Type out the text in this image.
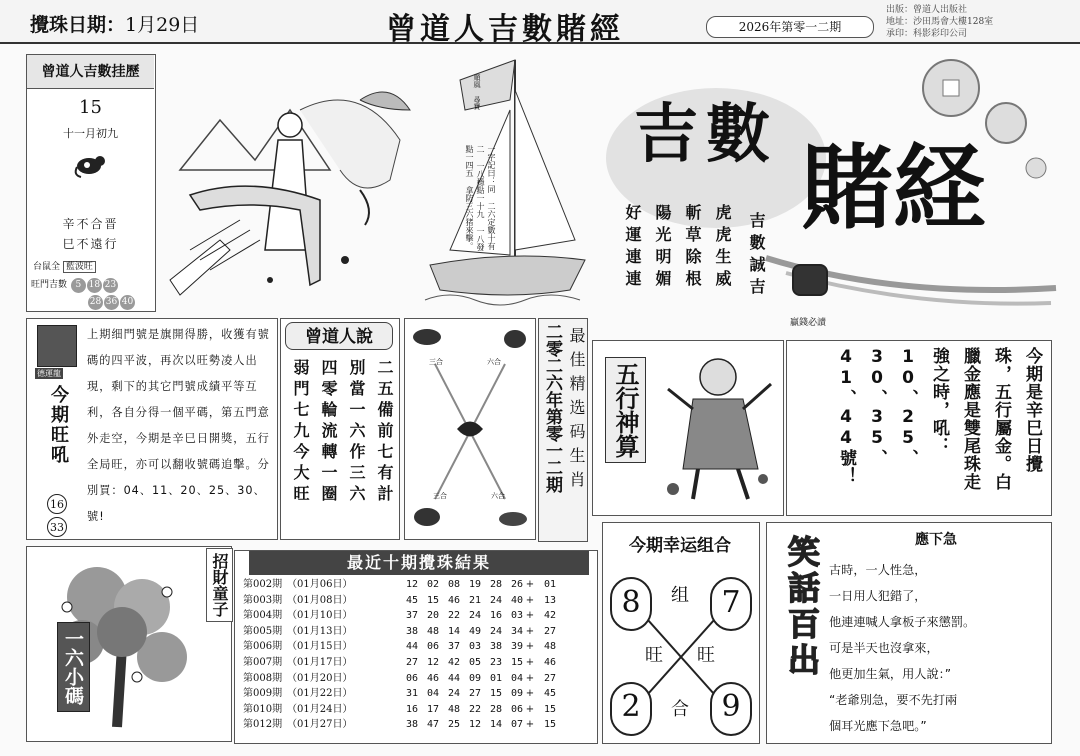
攪珠日期：1月29日	曾道人吉數賭經	2026年第零一二期
出版：曾道人出版社
地址：沙田馬會大樓128室
承印：科影彩印公司
曾道人吉數挂歷
15
十一月初九
辛不合晋
巳不遠行
台鼠全 藍波旺
旺門吉數 5 18 23
28 36 40
順風 尋寶
一字記曰：同 二六定數十有二 一八穩點一十九 一八發點一四五 拿防三六猪來擊。
吉數 賭経
贏錢必讀
吉數誠吉
虎虎生威
斬草除根
陽光明媚
好運連連
德運龍
今期旺吼
16
33
上期细門號是旗開得勝，收獲有號碼的四平波，再次以旺勢凌人出現，剩下的其它門號成績平等互利，各自分得一個平碼，第五門意外走空，今期是辛巳日開獎，五行全局旺，亦可以翻收號碼追擊。分別買：04、11、20、25、30、號!
曾道人說
二五備前七有計
別當一六作三六
四零輪流轉一圈
弱門七九今大旺	三合	六合
三合	六合
二零二六年第零一二期 最佳精选码生肖 五行神算	今期是辛巳日攪珠，五行屬金。白臘金應是雙尾珠走強之時，吼：10、25、30、35、41、44號！
一六小碼
招財童子	最近十期攪珠結果
第002期 （01月06日）	12 02 08 19 28 26 + 01
第003期 （01月08日）	45 15 46 21 24 40 + 13
第004期 （01月10日）	37 20 22 24 16 03 + 42
第005期 （01月13日）	38 48 14 49 24 34 + 27
第006期 （01月15日）	44 06 37 03 38 39 + 48
第007期 （01月17日）	27 12 42 05 23 15 + 46
第008期 （01月20日）	06 46 44 09 01 04 + 27
第009期 （01月22日）	31 04 24 27 15 09 + 45
第010期 （01月24日）	16 17 48 22 28 06 + 15
第012期 （01月27日）	38 47 25 12 14 07 + 15
今期幸运组合
8	7
2	9
组
旺 旺
合
笑話百出	應下急
古時，一人性急，
一日用人犯錯了，
他連連喊人拿板子來懲罰。
可是半天也沒拿來，
他更加生氣，用人說：”
“老爺別急，要不先打兩
個耳光應下急吧。”
